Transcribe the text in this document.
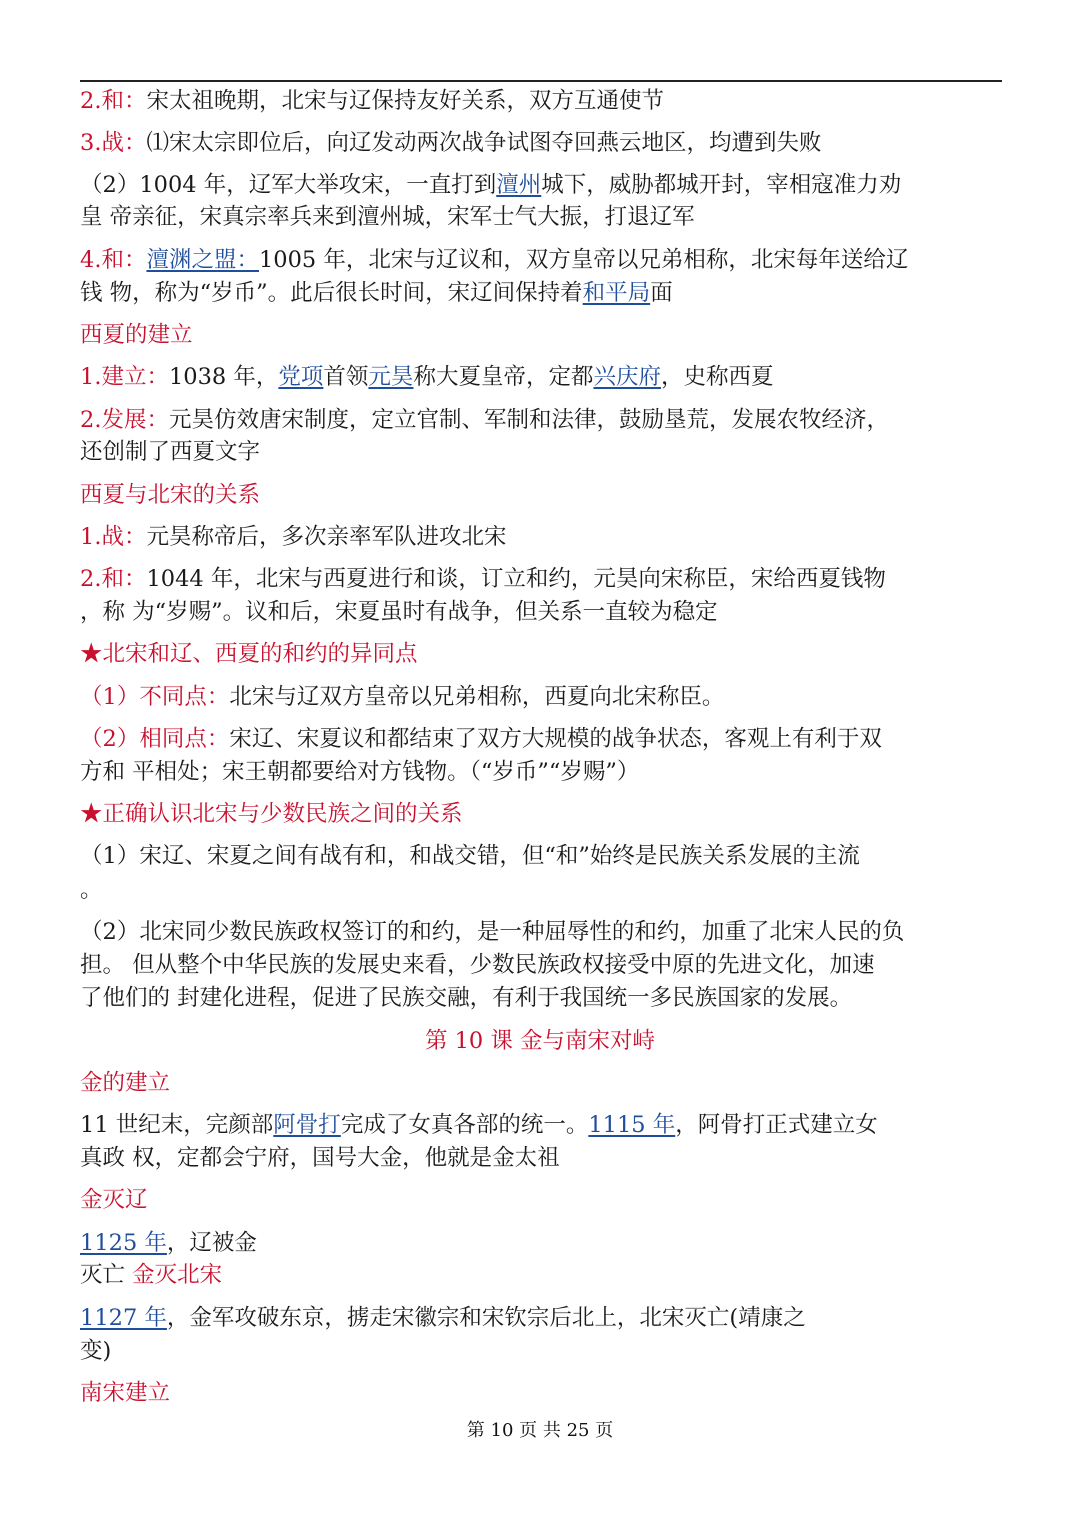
2.和：宋太祖晚期，北宋与辽保持友好关系，双方互通使节
3.战：⑴宋太宗即位后，向辽发动两次战争试图夺回燕云地区，均遭到失败
（2）1004 年，辽军大举攻宋，一直打到澶州城下，威胁都城开封，宰相寇准力劝
皇 帝亲征，宋真宗率兵来到澶州城，宋军士气大振，打退辽军
4.和：澶渊之盟：1005 年，北宋与辽议和，双方皇帝以兄弟相称，北宋每年送给辽
钱 物，称为“岁币”。此后很长时间，宋辽间保持着和平局面
西夏的建立
1.建立：1038 年，党项首领元昊称大夏皇帝，定都兴庆府，史称西夏
2.发展：元昊仿效唐宋制度，定立官制、军制和法律，鼓励垦荒，发展农牧经济，
还创制了西夏文字
西夏与北宋的关系
1.战：元昊称帝后，多次亲率军队进攻北宋
2.和：1044 年，北宋与西夏进行和谈，订立和约，元昊向宋称臣，宋给西夏钱物
，称 为“岁赐”。议和后，宋夏虽时有战争，但关系一直较为稳定
★北宋和辽、西夏的和约的异同点
（1）不同点：北宋与辽双方皇帝以兄弟相称，西夏向北宋称臣。
（2）相同点：宋辽、宋夏议和都结束了双方大规模的战争状态，客观上有利于双
方和 平相处；宋王朝都要给对方钱物。（“岁币”“岁赐”）
★正确认识北宋与少数民族之间的关系
（1）宋辽、宋夏之间有战有和，和战交错，但“和”始终是民族关系发展的主流
。
（2）北宋同少数民族政权签订的和约，是一种屈辱性的和约，加重了北宋人民的负
担。 但从整个中华民族的发展史来看，少数民族政权接受中原的先进文化，加速
了他们的 封建化进程，促进了民族交融，有利于我国统一多民族国家的发展。
第 10 课 金与南宋对峙
金的建立
11 世纪末，完颜部阿骨打完成了女真各部的统一。1115 年，阿骨打正式建立女
真政 权，定都会宁府，国号大金，他就是金太祖
金灭辽
1125 年，辽被金
灭亡 金灭北宋
1127 年，金军攻破东京，掳走宋徽宗和宋钦宗后北上，北宋灭亡(靖康之
变)
南宋建立
第 10 页 共 25 页
